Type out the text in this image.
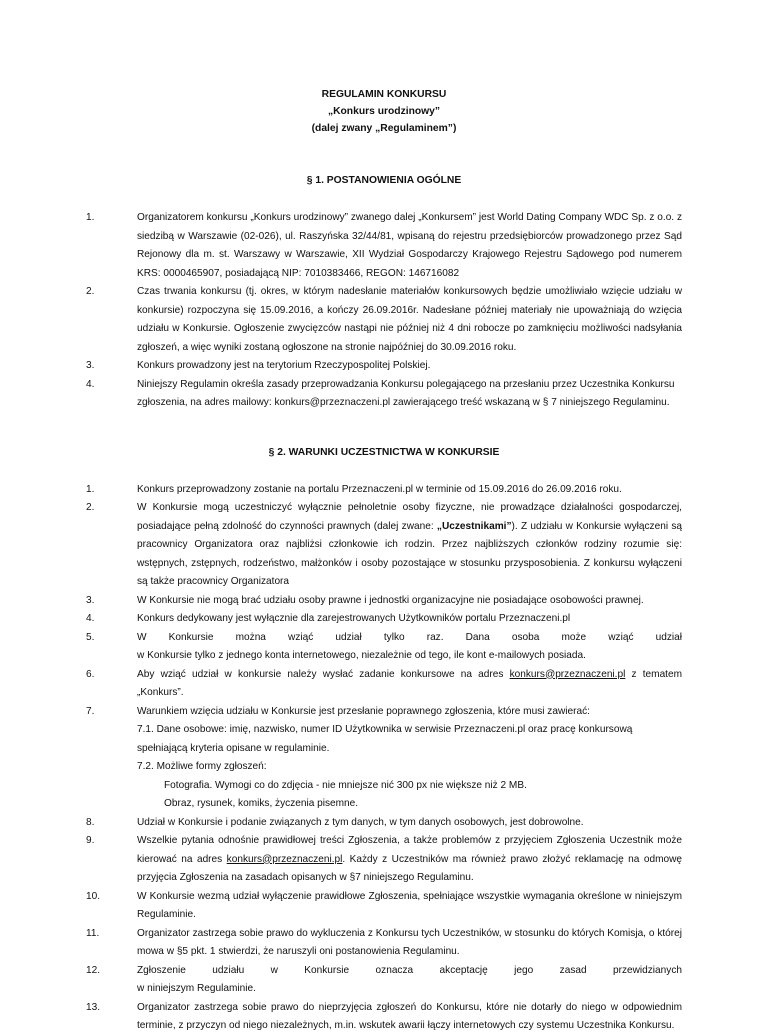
REGULAMIN KONKURSU
„Konkurs urodzinowy”
(dalej zwany „Regulaminem”)
§ 1. POSTANOWIENIA OGÓLNE
1.	Organizatorem konkursu „Konkurs urodzinowy” zwanego dalej „Konkursem” jest World Dating Company WDC Sp. z o.o. z siedzibą w Warszawie (02-026), ul. Raszyńska 32/44/81, wpisaną do rejestru przedsiębiorców prowadzonego przez Sąd Rejonowy dla m. st. Warszawy w Warszawie, XII Wydział Gospodarczy Krajowego Rejestru Sądowego pod numerem KRS: 0000465907, posiadającą NIP: 7010383466, REGON: 146716082
2.	Czas trwania konkursu (tj. okres, w którym nadesłanie materiałów konkursowych będzie umożliwiało wzięcie udziału w konkursie) rozpoczyna się 15.09.2016, a kończy 26.09.2016r. Nadesłane później materiały nie upoważniają do wzięcia udziału w Konkursie. Ogłoszenie zwycięzców nastąpi nie później niż 4 dni robocze po zamknięciu możliwości nadsyłania zgłoszeń, a więc wyniki zostaną ogłoszone na stronie najpóźniej do 30.09.2016 roku.
3.	Konkurs prowadzony jest na terytorium Rzeczypospolitej Polskiej.
4.	Niniejszy Regulamin określa zasady przeprowadzania Konkursu polegającego na przesłaniu przez Uczestnika Konkursu zgłoszenia, na adres mailowy: konkurs@przeznaczeni.pl zawierającego treść wskazaną w § 7 niniejszego Regulaminu.
§ 2. WARUNKI UCZESTNICTWA W KONKURSIE
1.	Konkurs przeprowadzony zostanie na portalu Przeznaczeni.pl w terminie od 15.09.2016 do 26.09.2016 roku.
2.	W Konkursie mogą uczestniczyć wyłącznie pełnoletnie osoby fizyczne, nie prowadzące działalności gospodarczej, posiadające pełną zdolność do czynności prawnych (dalej zwane: „Uczestnikami”). Z udziału w Konkursie wyłączeni są pracownicy Organizatora oraz najbliżsi członkowie ich rodzin. Przez najbliższych członków rodziny rozumie się: wstępnych, zstępnych, rodzeństwo, małżonków i osoby pozostające w stosunku przysposobienia. Z konkursu wyłączeni są także pracownicy Organizatora
3.	W Konkursie nie mogą brać udziału osoby prawne i jednostki organizacyjne nie posiadające osobowości prawnej.
4.	Konkurs dedykowany jest wyłącznie dla zarejestrowanych Użytkowników portalu Przeznaczeni.pl
5.	W Konkursie można wziąć udział tylko raz. Dana osoba może wziąć udział
w Konkursie tylko z jednego konta internetowego, niezależnie od tego, ile kont e-mailowych posiada.
6.	Aby wziąć udział w konkursie należy wysłać zadanie konkursowe na adres konkurs@przeznaczeni.pl z tematem „Konkurs”.
7.	Warunkiem wzięcia udziału w Konkursie jest przesłanie poprawnego zgłoszenia, które musi zawierać:
7.1. Dane osobowe: imię, nazwisko, numer ID Użytkownika w serwisie Przeznaczeni.pl oraz pracę konkursową spełniającą kryteria opisane w regulaminie.
7.2. Możliwe formy zgłoszeń:
Fotografia. Wymogi co do zdjęcia - nie mniejsze nić 300 px nie większe niż 2 MB.
Obraz, rysunek, komiks, życzenia pisemne.
8.	Udział w Konkursie i podanie związanych z tym danych, w tym danych osobowych, jest dobrowolne.
9.	Wszelkie pytania odnośnie prawidłowej treści Zgłoszenia, a także problemów z przyjęciem Zgłoszenia Uczestnik może kierować na adres konkurs@przeznaczeni.pl. Każdy z Uczestników ma również prawo złożyć reklamację na odmowę przyjęcia Zgłoszenia na zasadach opisanych w §7 niniejszego Regulaminu.
10.	W Konkursie wezmą udział wyłączenie prawidłowe Zgłoszenia, spełniające wszystkie wymagania określone w niniejszym Regulaminie.
11.	Organizator zastrzega sobie prawo do wykluczenia z Konkursu tych Uczestników, w stosunku do których Komisja, o której mowa w §5 pkt. 1 stwierdzi, że naruszyli oni postanowienia Regulaminu.
12.	Zgłoszenie udziału w Konkursie oznacza akceptację jego zasad przewidzianych
w niniejszym Regulaminie.
13.	Organizator zastrzega sobie prawo do nieprzyjęcia zgłoszeń do Konkursu, które nie dotarły do niego w odpowiednim terminie, z przyczyn od niego niezależnych, m.in. wskutek awarii łączy internetowych czy systemu Uczestnika Konkursu.
